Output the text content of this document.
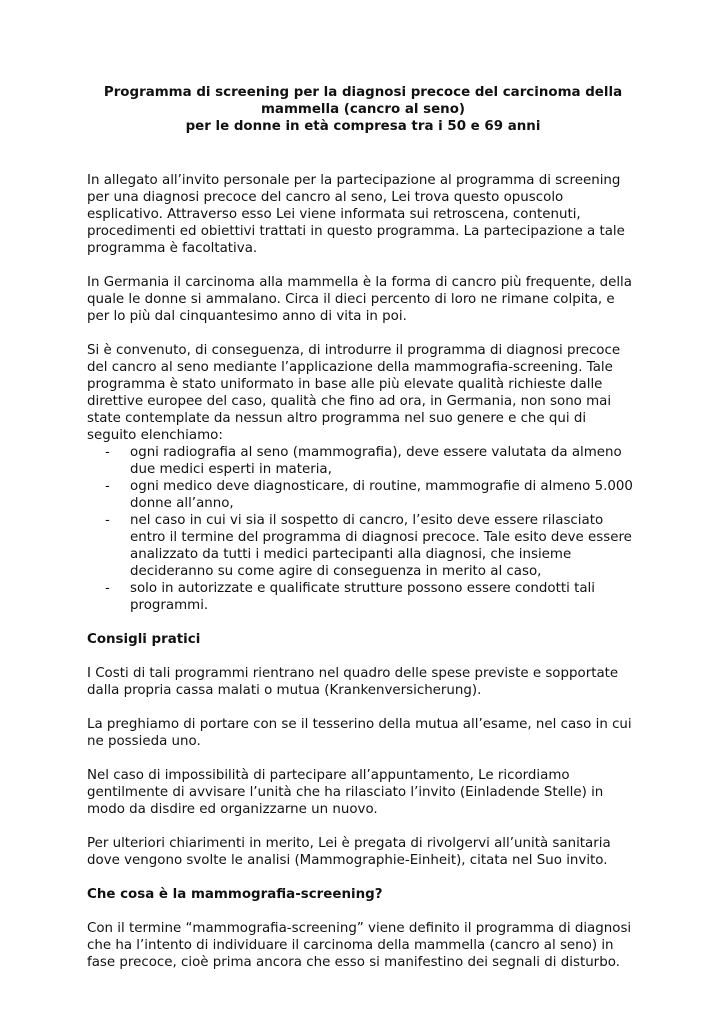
Programma di screening per la diagnosi precoce del carcinoma della
mammella (cancro al seno)
per le donne in età compresa tra i 50 e 69 anni

In allegato all’invito personale per la partecipazione al programma di screening per una diagnosi precoce del cancro al seno, Lei trova questo opuscolo esplicativo. Attraverso esso Lei viene informata sui retroscena, contenuti, procedimenti ed obiettivi trattati in questo programma. La partecipazione a tale programma è facoltativa.

In Germania il carcinoma alla mammella è la forma di cancro più frequente, della quale le donne si ammalano. Circa il dieci percento di loro ne rimane colpita, e per lo più dal cinquantesimo anno di vita in poi.

Si è convenuto, di conseguenza, di introdurre il programma di diagnosi precoce del cancro al seno mediante l’applicazione della mammografia-screening. Tale programma è stato uniformato in base alle più elevate qualità richieste dalle direttive europee del caso, qualità che fino ad ora, in Germania, non sono mai state contemplate da nessun altro programma nel suo genere e che qui di seguito elenchiamo:

- ogni radiografia al seno (mammografia), deve essere valutata da almeno due medici esperti in materia,
- ogni medico deve diagnosticare, di routine, mammografie di almeno 5.000 donne all’anno,
- nel caso in cui vi sia il sospetto di cancro, l’esito deve essere rilasciato entro il termine del programma di diagnosi precoce. Tale esito deve essere analizzato da tutti i medici partecipanti alla diagnosi, che insieme decideranno su come agire di conseguenza in merito al caso,
- solo in autorizzate e qualificate strutture possono essere condotti tali programmi.
Consigli pratici

I Costi di tali programmi rientrano nel quadro delle spese previste e sopportate dalla propria cassa malati o mutua (Krankenversicherung).

La preghiamo di portare con se il tesserino della mutua all’esame, nel caso in cui ne possieda uno.

Nel caso di impossibilità di partecipare all’appuntamento, Le ricordiamo gentilmente di avvisare l’unità che ha rilasciato l’invito (Einladende Stelle) in modo da disdire ed organizzarne un nuovo.

Per ulteriori chiarimenti in merito, Lei è pregata di rivolgervi all’unità sanitaria dove vengono svolte le analisi (Mammographie-Einheit), citata nel Suo invito.

Che cosa è la mammografia-screening?

Con il termine “mammografia-screening” viene definito il programma di diagnosi che ha l’intento di individuare il carcinoma della mammella (cancro al seno) in fase precoce, cioè prima ancora che esso si manifestino dei segnali di disturbo.
